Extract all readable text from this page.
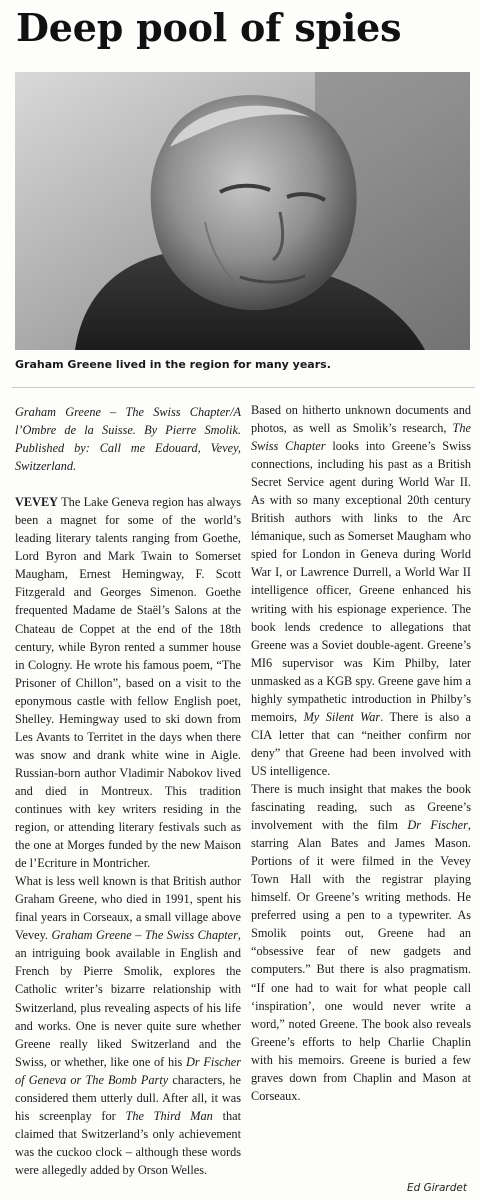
Deep pool of spies
Graham Greene lived in the region for many years.

Graham Greene – The Swiss Chapter/A l’Ombre de la Suisse. By Pierre Smolik. Published by: Call me Edouard, Vevey, Switzerland.

VEVEY The Lake Geneva region has always been a magnet for some of the world’s leading literary talents ranging from Goethe, Lord Byron and Mark Twain to Somerset Maugham, Ernest Hemingway, F. Scott Fitzgerald and Georges Simenon. Goethe frequented Madame de Staël’s Salons at the Chateau de Coppet at the end of the 18th century, while Byron rented a summer house in Cologny. He wrote his famous poem, “The Prisoner of Chillon”, based on a visit to the eponymous castle with fellow English poet, Shelley. Hemingway used to ski down from Les Avants to Territet in the days when there was snow and drank white wine in Aigle. Russian-born author Vladimir Nabokov lived and died in Montreux. This tradition continues with key writers residing in the region, or attending literary festivals such as the one at Morges funded by the new Maison de l’Ecriture in Montricher.

What is less well known is that British author Graham Greene, who died in 1991, spent his final years in Corseaux, a small village above Vevey. Graham Greene – The Swiss Chapter, an intriguing book available in English and French by Pierre Smolik, explores the Catholic writer’s bizarre relationship with Switzerland, plus revealing aspects of his life and works. One is never quite sure whether Greene really liked Switzerland and the Swiss, or whether, like one of his Dr Fischer of Geneva or The Bomb Party characters, he considered them utterly dull. After all, it was his screenplay for The Third Man that claimed that Switzerland’s only achievement was the cuckoo clock – although these words were allegedly added by Orson Welles.

Based on hitherto unknown documents and photos, as well as Smolik’s research, The Swiss Chapter looks into Greene’s Swiss connections, including his past as a British Secret Service agent during World War II. As with so many exceptional 20th century British authors with links to the Arc lémanique, such as Somerset Maugham who spied for London in Geneva during World War I, or Lawrence Durrell, a World War II intelligence officer, Greene enhanced his writing with his espionage experience. The book lends credence to allegations that Greene was a Soviet double-agent. Greene’s MI6 supervisor was Kim Philby, later unmasked as a KGB spy. Greene gave him a highly sympathetic introduction in Philby’s memoirs, My Silent War. There is also a CIA letter that can “neither confirm nor deny” that Greene had been involved with US intelligence.

There is much insight that makes the book fascinating reading, such as Greene’s involvement with the film Dr Fischer, starring Alan Bates and James Mason. Portions of it were filmed in the Vevey Town Hall with the registrar playing himself. Or Greene’s writing methods. He preferred using a pen to a typewriter. As Smolik points out, Greene had an “obsessive fear of new gadgets and computers.” But there is also pragmatism. “If one had to wait for what people call ‘inspiration’, one would never write a word,” noted Greene. The book also reveals Greene’s efforts to help Charlie Chaplin with his memoirs. Greene is buried a few graves down from Chaplin and Mason at Corseaux.

Ed Girardet
